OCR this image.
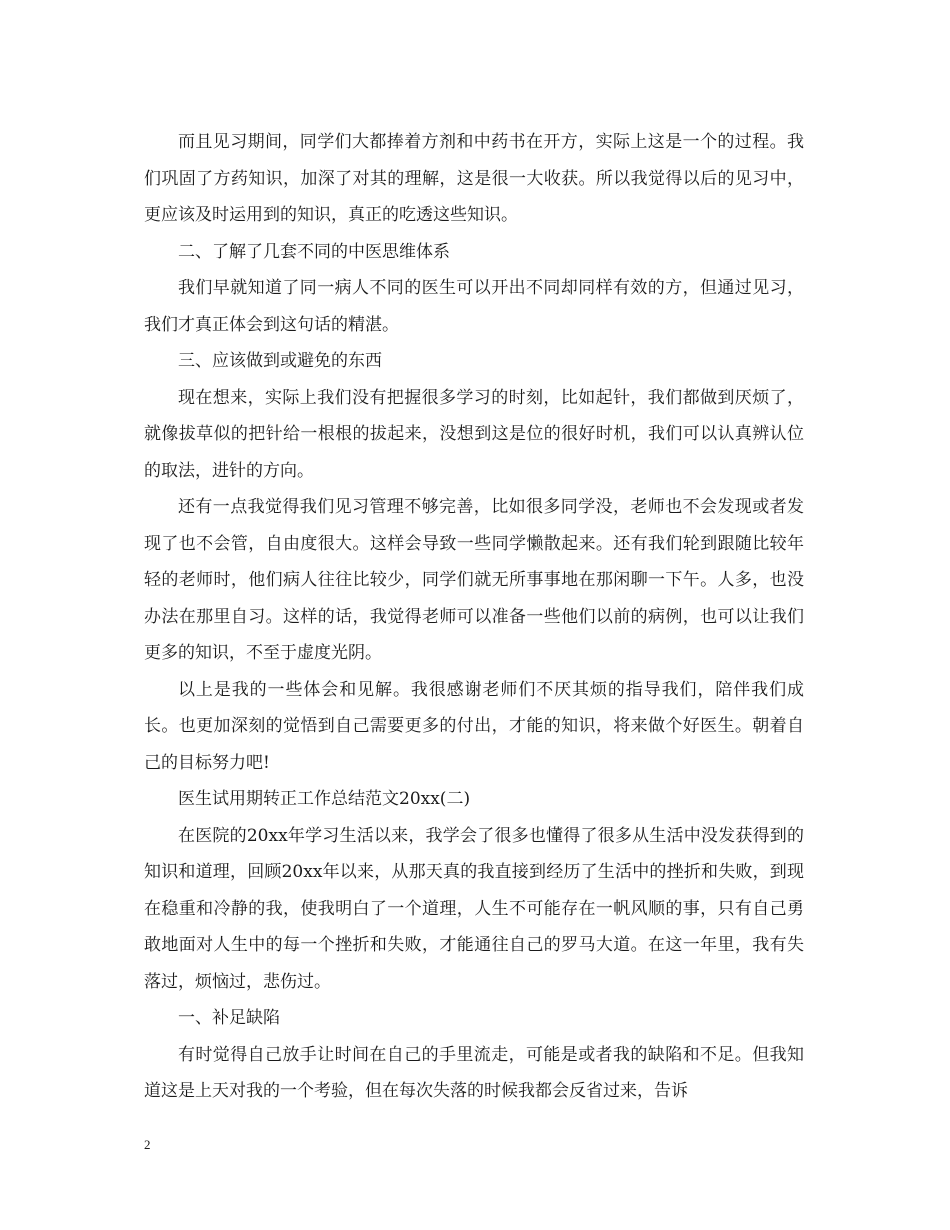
而且见习期间，同学们大都捧着方剂和中药书在开方，实际上这是一个的过程。我们巩固了方药知识，加深了对其的理解，这是很一大收获。所以我觉得以后的见习中，更应该及时运用到的知识，真正的吃透这些知识。

二、了解了几套不同的中医思维体系

我们早就知道了同一病人不同的医生可以开出不同却同样有效的方，但通过见习，我们才真正体会到这句话的精湛。

三、应该做到或避免的东西

现在想来，实际上我们没有把握很多学习的时刻，比如起针，我们都做到厌烦了，就像拔草似的把针给一根根的拔起来，没想到这是位的很好时机，我们可以认真辨认位的取法，进针的方向。

还有一点我觉得我们见习管理不够完善，比如很多同学没，老师也不会发现或者发现了也不会管，自由度很大。这样会导致一些同学懒散起来。还有我们轮到跟随比较年轻的老师时，他们病人往往比较少，同学们就无所事事地在那闲聊一下午。人多，也没办法在那里自习。这样的话，我觉得老师可以准备一些他们以前的病例，也可以让我们更多的知识，不至于虚度光阴。

以上是我的一些体会和见解。我很感谢老师们不厌其烦的指导我们，陪伴我们成长。也更加深刻的觉悟到自己需要更多的付出，才能的知识，将来做个好医生。朝着自己的目标努力吧!

医生试用期转正工作总结范文20xx(二)

在医院的20xx年学习生活以来，我学会了很多也懂得了很多从生活中没发获得到的知识和道理，回顾20xx年以来，从那天真的我直接到经历了生活中的挫折和失败，到现在稳重和冷静的我，使我明白了一个道理，人生不可能存在一帆风顺的事，只有自己勇敢地面对人生中的每一个挫折和失败，才能通往自己的罗马大道。在这一年里，我有失落过，烦恼过，悲伤过。

一、补足缺陷

有时觉得自己放手让时间在自己的手里流走，可能是或者我的缺陷和不足。但我知道这是上天对我的一个考验，但在每次失落的时候我都会反省过来，告诉

2
